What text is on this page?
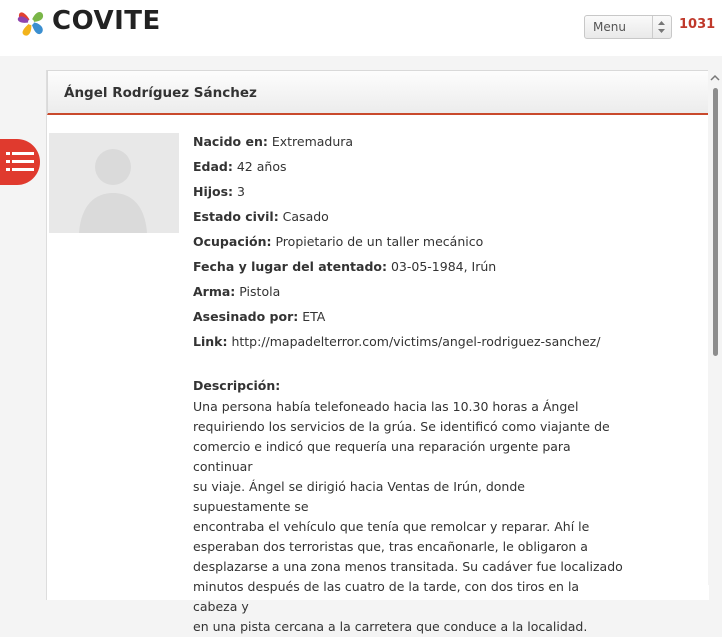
COVITE	Menu	1031
Ángel Rodríguez Sánchez
Nacido en: Extremadura
Edad: 42 años
Hijos: 3
Estado civil: Casado
Ocupación: Propietario de un taller mecánico
Fecha y lugar del atentado: 03-05-1984, Irún
Arma: Pistola
Asesinado por: ETA
Link: http://mapadelterror.com/victims/angel-rodriguez-sanchez/
Descripción:
Una persona había telefoneado hacia las 10.30 horas a Ángel
requiriendo los servicios de la grúa. Se identificó como viajante de
comercio e indicó que requería una reparación urgente para continuar
su viaje. Ángel se dirigió hacia Ventas de Irún, donde supuestamente se
encontraba el vehículo que tenía que remolcar y reparar. Ahí le
esperaban dos terroristas que, tras encañonarle, le obligaron a
desplazarse a una zona menos transitada. Su cadáver fue localizado
minutos después de las cuatro de la tarde, con dos tiros en la cabeza y
en una pista cercana a la carretera que conduce a la localidad.
